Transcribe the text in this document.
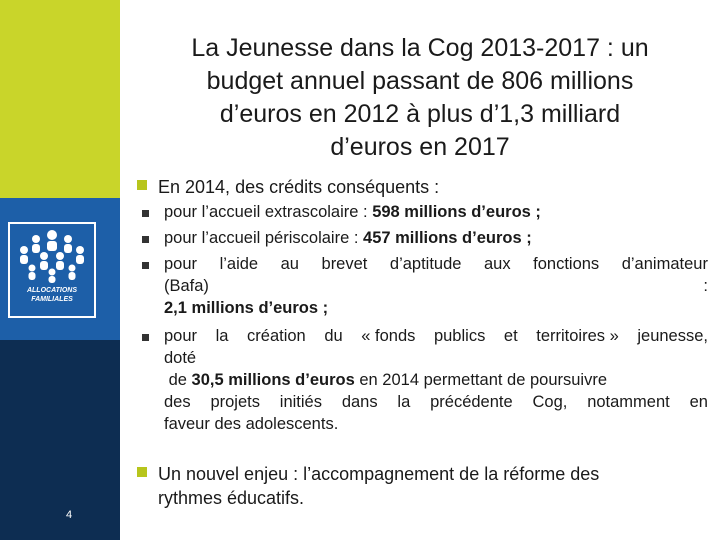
ALLOCATIONS
FAMILIALES
4
La Jeunesse dans la Cog 2013-2017 : un
budget annuel passant de 806 millions
d’euros en 2012 à plus d’1,3 milliard
d’euros en 2017
En 2014, des crédits conséquents :
pour l’accueil extrascolaire : 598 millions d’euros ;
pour l’accueil périscolaire : 457 millions d’euros ;
pour l’aide au brevet d’aptitude aux fonctions d’animateur
(Bafa)	:
2,1 millions d’euros ;
pour la création du « fonds publics et territoires » jeunesse,
doté
de 30,5 millions d’euros en 2014 permettant de poursuivre
des projets initiés dans la précédente Cog, notamment en
faveur des adolescents.
Un nouvel enjeu : l’accompagnement de la réforme des
rythmes éducatifs.
